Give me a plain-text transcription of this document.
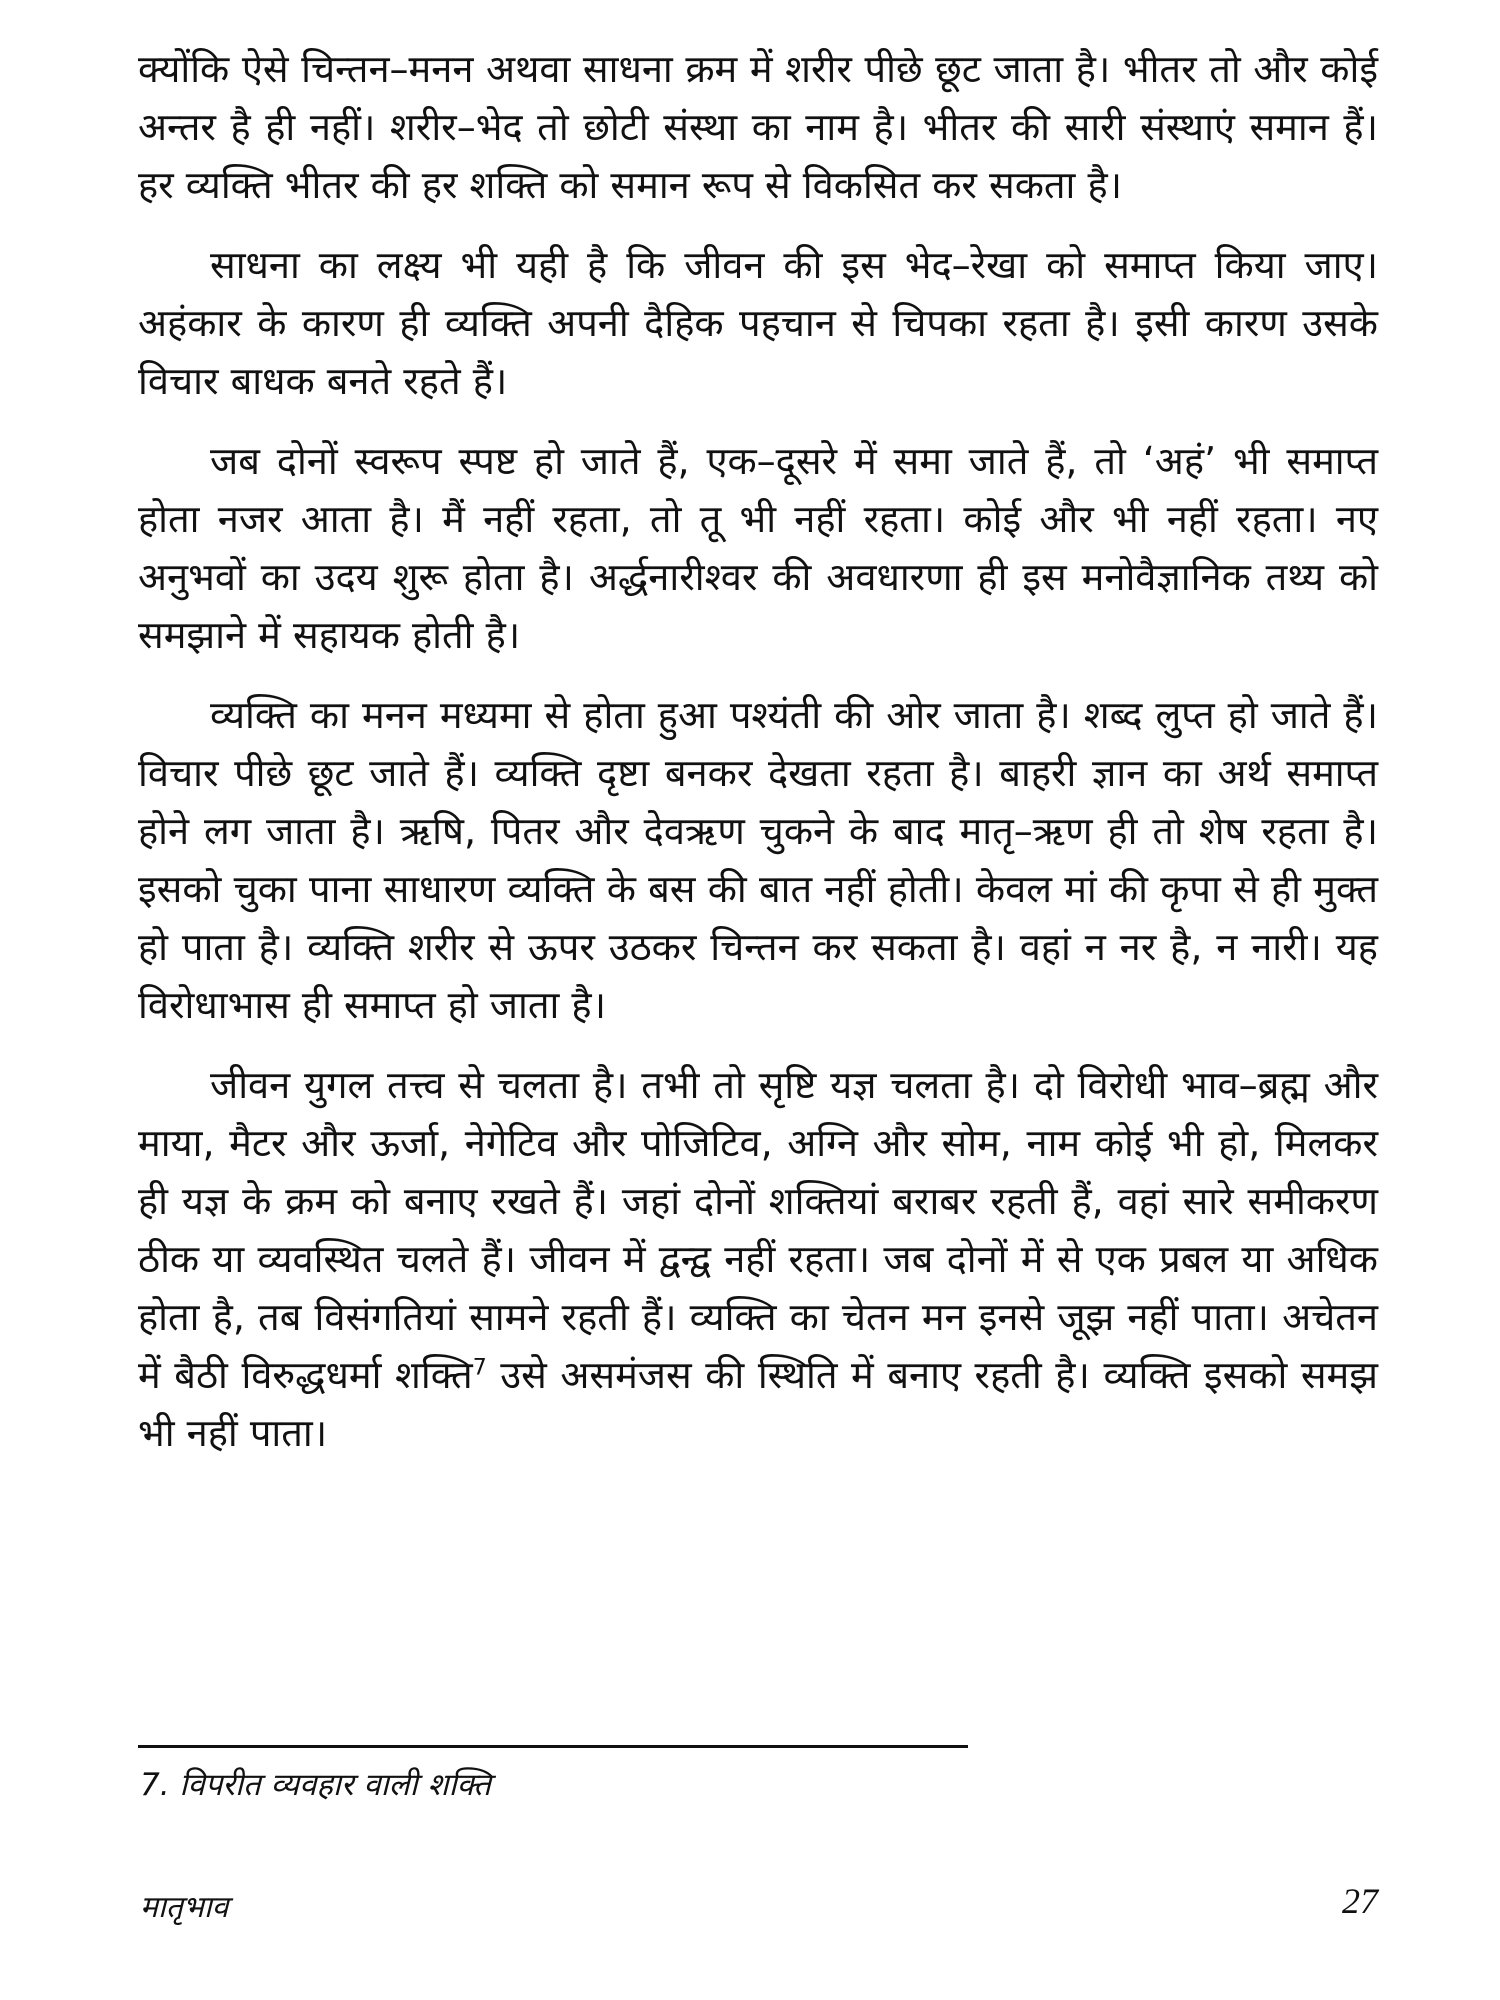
क्योंकि ऐसे चिन्तन–मनन अथवा साधना क्रम में शरीर पीछे छूट जाता है। भीतर तो और कोई अन्तर है ही नहीं। शरीर–भेद तो छोटी संस्था का नाम है। भीतर की सारी संस्थाएं समान हैं। हर व्यक्ति भीतर की हर शक्ति को समान रूप से विकसित कर सकता है।

साधना का लक्ष्य भी यही है कि जीवन की इस भेद–रेखा को समाप्त किया जाए। अहंकार के कारण ही व्यक्ति अपनी दैहिक पहचान से चिपका रहता है। इसी कारण उसके विचार बाधक बनते रहते हैं।

जब दोनों स्वरूप स्पष्ट हो जाते हैं, एक–दूसरे में समा जाते हैं, तो ‘अहं’ भी समाप्त होता नजर आता है। मैं नहीं रहता, तो तू भी नहीं रहता। कोई और भी नहीं रहता। नए अनुभवों का उदय शुरू होता है। अर्द्धनारीश्वर की अवधारणा ही इस मनोवैज्ञानिक तथ्य को समझाने में सहायक होती है।

व्यक्ति का मनन मध्यमा से होता हुआ पश्यंती की ओर जाता है। शब्द लुप्त हो जाते हैं। विचार पीछे छूट जाते हैं। व्यक्ति दृष्टा बनकर देखता रहता है। बाहरी ज्ञान का अर्थ समाप्त होने लग जाता है। ऋषि, पितर और देवऋण चुकने के बाद मातृ–ऋण ही तो शेष रहता है। इसको चुका पाना साधारण व्यक्ति के बस की बात नहीं होती। केवल मां की कृपा से ही मुक्त हो पाता है। व्यक्ति शरीर से ऊपर उठकर चिन्तन कर सकता है। वहां न नर है, न नारी। यह विरोधाभास ही समाप्त हो जाता है।

जीवन युगल तत्त्व से चलता है। तभी तो सृष्टि यज्ञ चलता है। दो विरोधी भाव–ब्रह्म और माया, मैटर और ऊर्जा, नेगेटिव और पोजिटिव, अग्नि और सोम, नाम कोई भी हो, मिलकर ही यज्ञ के क्रम को बनाए रखते हैं। जहां दोनों शक्तियां बराबर रहती हैं, वहां सारे समीकरण ठीक या व्यवस्थित चलते हैं। जीवन में द्वन्द्व नहीं रहता। जब दोनों में से एक प्रबल या अधिक होता है, तब विसंगतियां सामने रहती हैं। व्यक्ति का चेतन मन इनसे जूझ नहीं पाता। अचेतन में बैठी विरुद्धधर्मा शक्ति$^7$ उसे असमंजस की स्थिति में बनाए रहती है। व्यक्ति इसको समझ भी नहीं पाता।

7. विपरीत व्यवहार वाली शक्ति
मातृभाव	27
